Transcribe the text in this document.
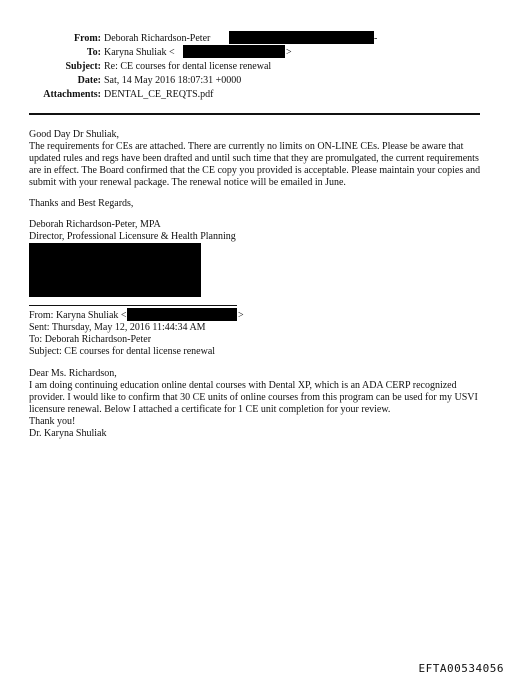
From: Deborah Richardson-Peter	-
To: Karyna Shuliak <	>
Subject: Re: CE courses for dental license renewal
Date: Sat, 14 May 2016 18:07:31 +0000
Attachments: DENTAL_CE_REQTS.pdf
Good Day Dr Shuliak,
The requirements for CEs are attached. There are currently no limits on ON-LINE CEs. Please be aware that
updated rules and regs have been drafted and until such time that they are promulgated, the current requirements
are in effect. The Board confirmed that the CE copy you provided is acceptable. Please maintain your copies and
submit with your renewal package. The renewal notice will be emailed in June.
Thanks and Best Regards,
Deborah Richardson-Peter, MPA
Director, Professional Licensure & Health Planning
From: Karyna Shuliak <	>
Sent: Thursday, May 12, 2016 11:44:34 AM
To: Deborah Richardson-Peter
Subject: CE courses for dental license renewal
Dear Ms. Richardson,
I am doing continuing education online dental courses with Dental XP, which is an ADA CERP recognized
provider. I would like to confirm that 30 CE units of online courses from this program can be used for my USVI
licensure renewal. Below I attached a certificate for 1 CE unit completion for your review.
Thank you!
Dr. Karyna Shuliak
EFTA00534056
